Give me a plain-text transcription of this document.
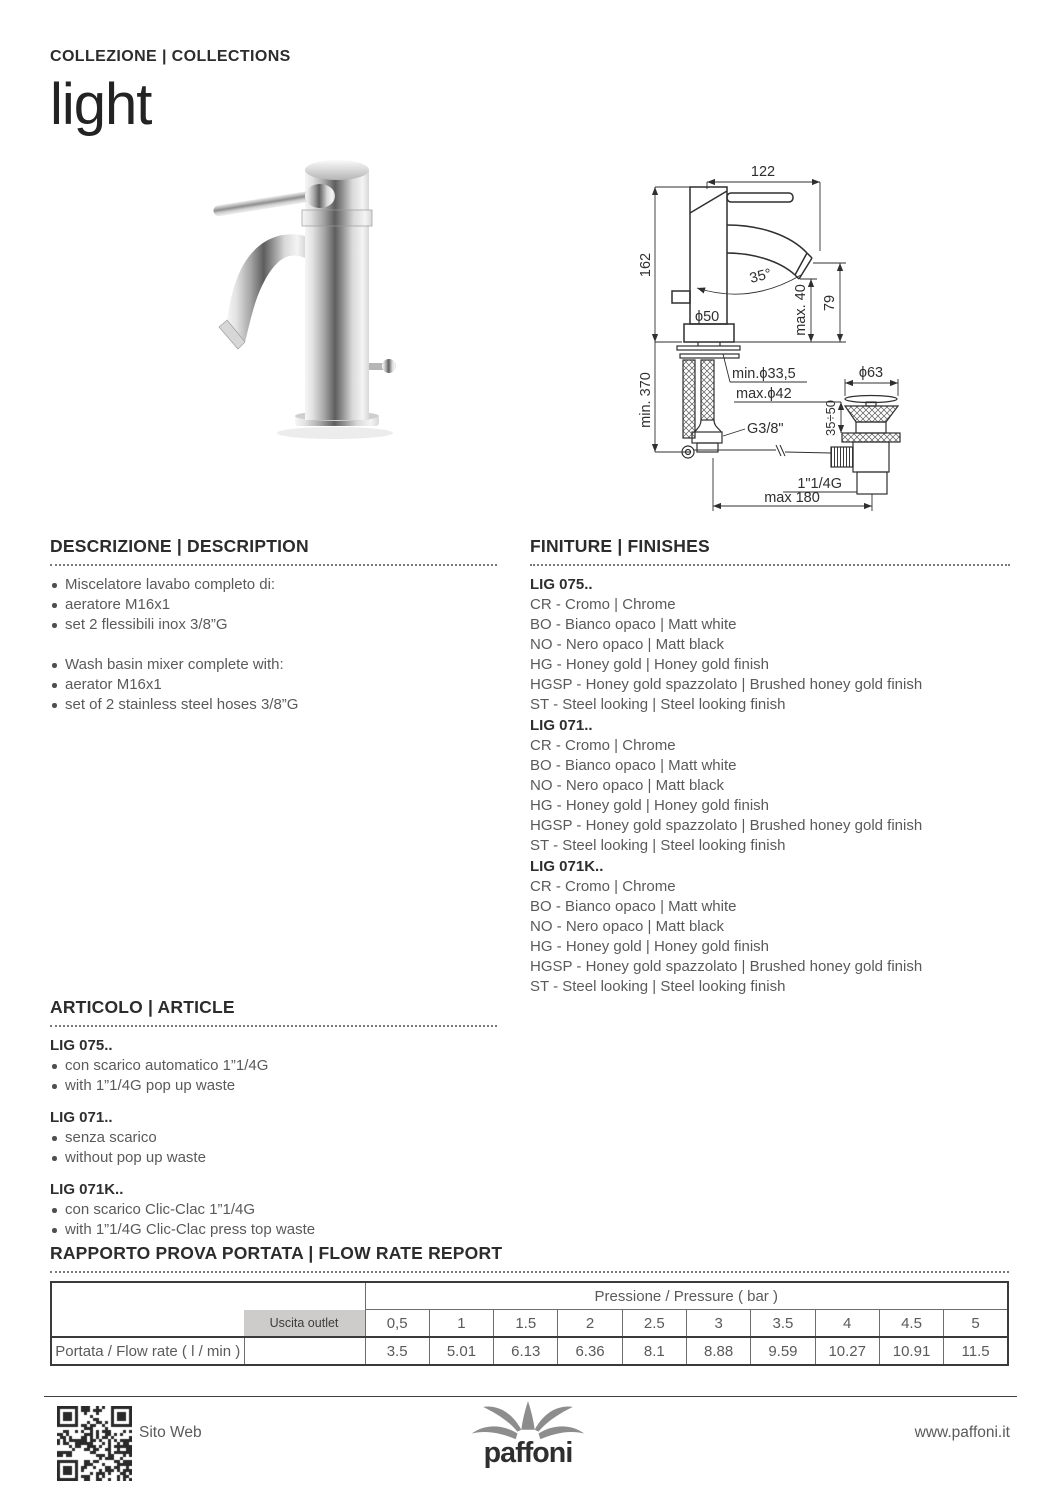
COLLEZIONE | COLLECTIONS
light
122
162
min. 370
35°
max. 40 79
ϕ50
min.ϕ33,5
max.ϕ42
G3/8"	35÷50
ϕ63
1"1/4G
max 180
DESCRIZIONE | DESCRIPTION
Miscelatore lavabo completo di:
aeratore M16x1
set 2 flessibili inox 3/8”G
Wash basin mixer complete with:
aerator M16x1
set of 2 stainless steel hoses 3/8”G
FINITURE | FINISHES
LIG 075..
CR - Cromo | Chrome
BO - Bianco opaco | Matt white
NO - Nero opaco | Matt black
HG - Honey gold | Honey gold finish
HGSP - Honey gold spazzolato | Brushed honey gold finish
ST - Steel looking | Steel looking finish
LIG 071..
CR - Cromo | Chrome
BO - Bianco opaco | Matt white
NO - Nero opaco | Matt black
HG - Honey gold | Honey gold finish
HGSP - Honey gold spazzolato | Brushed honey gold finish
ST - Steel looking | Steel looking finish
LIG 071K..
CR - Cromo | Chrome
BO - Bianco opaco | Matt white
NO - Nero opaco | Matt black
HG - Honey gold | Honey gold finish
HGSP - Honey gold spazzolato | Brushed honey gold finish
ST - Steel looking | Steel looking finish
ARTICOLO | ARTICLE
LIG 075..
con scarico automatico 1”1/4G
with 1”1/4G pop up waste
LIG 071..
senza scarico
without pop up waste
LIG 071K..
con scarico Clic-Clac 1”1/4G
with 1”1/4G Clic-Clac press top waste
RAPPORTO PROVA PORTATA | FLOW RATE REPORT
Uscita outlet		Pressione / Pressure ( bar )									
		0,5	1	1.5	2	2.5	3	3.5	4	4.5	5
Portata / Flow rate ( l / min )		3.5	5.01	6.13	6.36	8.1	8.88	9.59	10.27	10.91	11.5
Sito Web
paffoni
www.paffoni.it
